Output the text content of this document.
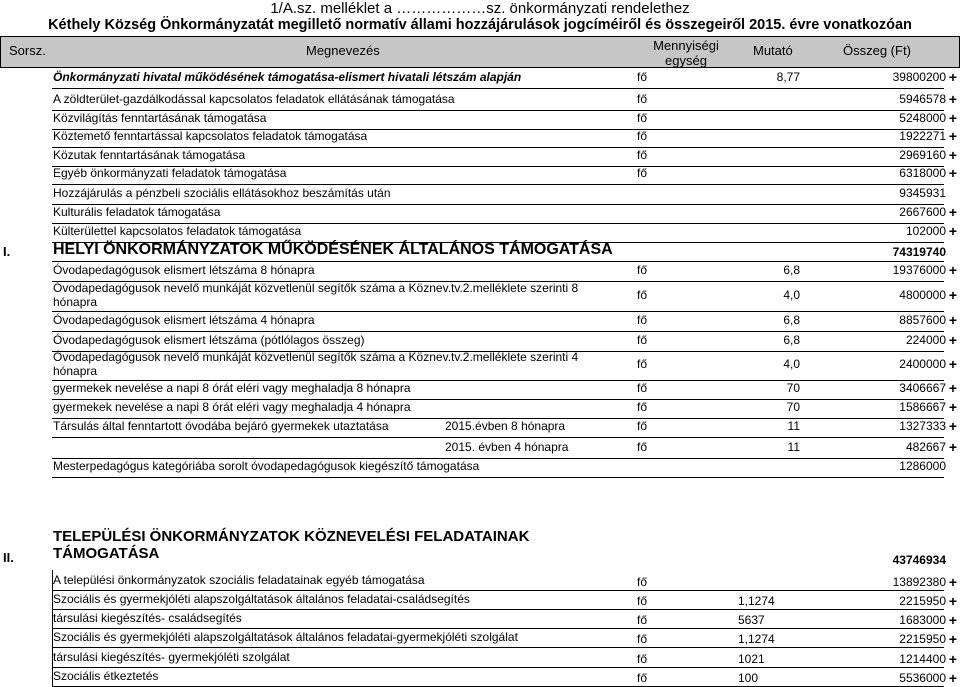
1/A.sz. melléklet a ………………sz. önkormányzati rendelethez
Kéthely Község Önkormányzatát megillető normatív állami hozzájárulások jogcíméiről és összegeiről 2015. évre vonatkozóan
Sorsz.	Megnevezés	Mennyiségi egység
Mutató	Összeg (Ft)
Önkormányzati hivatal működésének támogatása-elismert hivatali létszám alapján	fő	8,77	39800200 +
A zöldterület-gazdálkodással kapcsolatos feladatok ellátásának támogatása	fő	5946578 +
Közvilágítás fenntartásának támogatása	fő	5248000 +
Köztemető fenntartással kapcsolatos feladatok támogatása	fő	1922271 +
Közutak fenntartásának támogatása	fő	2969160 +
Egyéb önkormányzati feladatok támogatása	fő	6318000 +
Hozzájárulás a pénzbeli szociális ellátásokhoz beszámítás után	9345931
Kulturális feladatok támogatása	2667600 +
Külterülettel kapcsolatos feladatok támogatása	102000 +
I.	HELYI ÖNKORMÁNYZATOK MŰKÖDÉSÉNEK ÁLTALÁNOS TÁMOGATÁSA	74319740
Óvodapedagógusok elismert létszáma 8 hónapra	fő	6,8	19376000 +
Óvodapedagógusok nevelő munkáját közvetlenül segítők száma a Köznev.tv.2.melléklete szerinti 8
hónapra	fő	4,0	4800000 +
Óvodapedagógusok elismert létszáma 4 hónapra	fő	6,8	8857600 +
Óvodapedagógusok elismert létszáma (pótlólagos összeg)	fő	6,8	224000 +
Óvodapedagógusok nevelő munkáját közvetlenül segítők száma a Köznev.tv.2.melléklete szerinti 4
hónapra	fő	4,0	2400000 +
gyermekek nevelése a napi 8 órát eléri vagy meghaladja 8 hónapra	fő	70	3406667 +
gyermekek nevelése a napi 8 órát eléri vagy meghaladja 4 hónapra	fő	70	1586667 +
Társulás által fenntartott óvodába bejáró gyermekek utaztatása	2015.évben 8 hónapra	fő	11	1327333 +
2015. évben 4 hónapra	fő	11	482667 +
Mesterpedagógus kategóriába sorolt óvodapedagógusok kiegészítő támogatása	1286000
II.
TELEPÜLÉSI ÖNKORMÁNYZATOK KÖZNEVELÉSI FELADATAINAK
TÁMOGATÁSA	43746934
A települési önkormányzatok szociális feladatainak egyéb támogatása	fő	13892380 +
Szociális és gyermekjóléti alapszolgáltatások általános feladatai-családsegítés	fő	1,1274	2215950 +
társulási kiegészítés- családsegítés	fő	5637	1683000 +
Szociális és gyermekjóléti alapszolgáltatások általános feladatai-gyermekjóléti szolgálat	fő	1,1274	2215950 +
társulási kiegészítés- gyermekjóléti szolgálat	fő	1021	1214400 +
Szociális étkeztetés	fő	100	5536000 +
